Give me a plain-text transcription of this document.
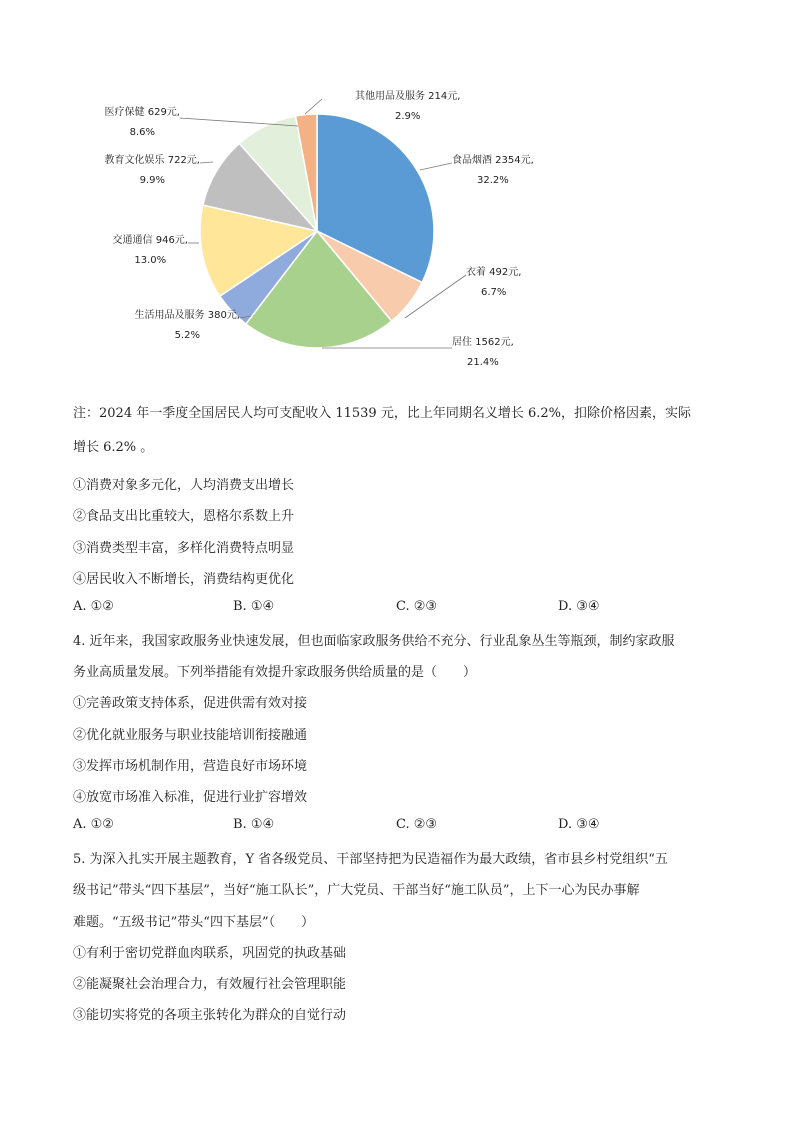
食品烟酒 2354元,
32.2%
衣着 492元,
6.7%
居住 1562元,
21.4%
生活用品及服务 380元,
5.2%
交通通信 946元,
13.0%
教育文化娱乐 722元,
9.9%
医疗保健 629元,
8.6%
其他用品及服务 214元,
2.9%
注：2024 年一季度全国居民人均可支配收入 11539 元，比上年同期名义增长 6.2%，扣除价格因素，实际
增长 6.2% 。
①消费对象多元化，人均消费支出增长
②食品支出比重较大，恩格尔系数上升
③消费类型丰富，多样化消费特点明显
④居民收入不断增长，消费结构更优化
A. ①②	B. ①④	C. ②③	D. ③④
4. 近年来，我国家政服务业快速发展，但也面临家政服务供给不充分、行业乱象丛生等瓶颈，制约家政服
务业高质量发展。下列举措能有效提升家政服务供给质量的是（　　）
①完善政策支持体系，促进供需有效对接
②优化就业服务与职业技能培训衔接融通
③发挥市场机制作用，营造良好市场环境
④放宽市场准入标准，促进行业扩容增效
A. ①②	B. ①④	C. ②③	D. ③④
5. 为深入扎实开展主题教育，Y 省各级党员、干部坚持把为民造福作为最大政绩，省市县乡村党组织“五
级书记”带头“四下基层”，当好“施工队长”，广大党员、干部当好“施工队员”，上下一心为民办事解
难题。“五级书记”带头“四下基层”（　　）
①有利于密切党群血肉联系，巩固党的执政基础
②能凝聚社会治理合力，有效履行社会管理职能
③能切实将党的各项主张转化为群众的自觉行动
